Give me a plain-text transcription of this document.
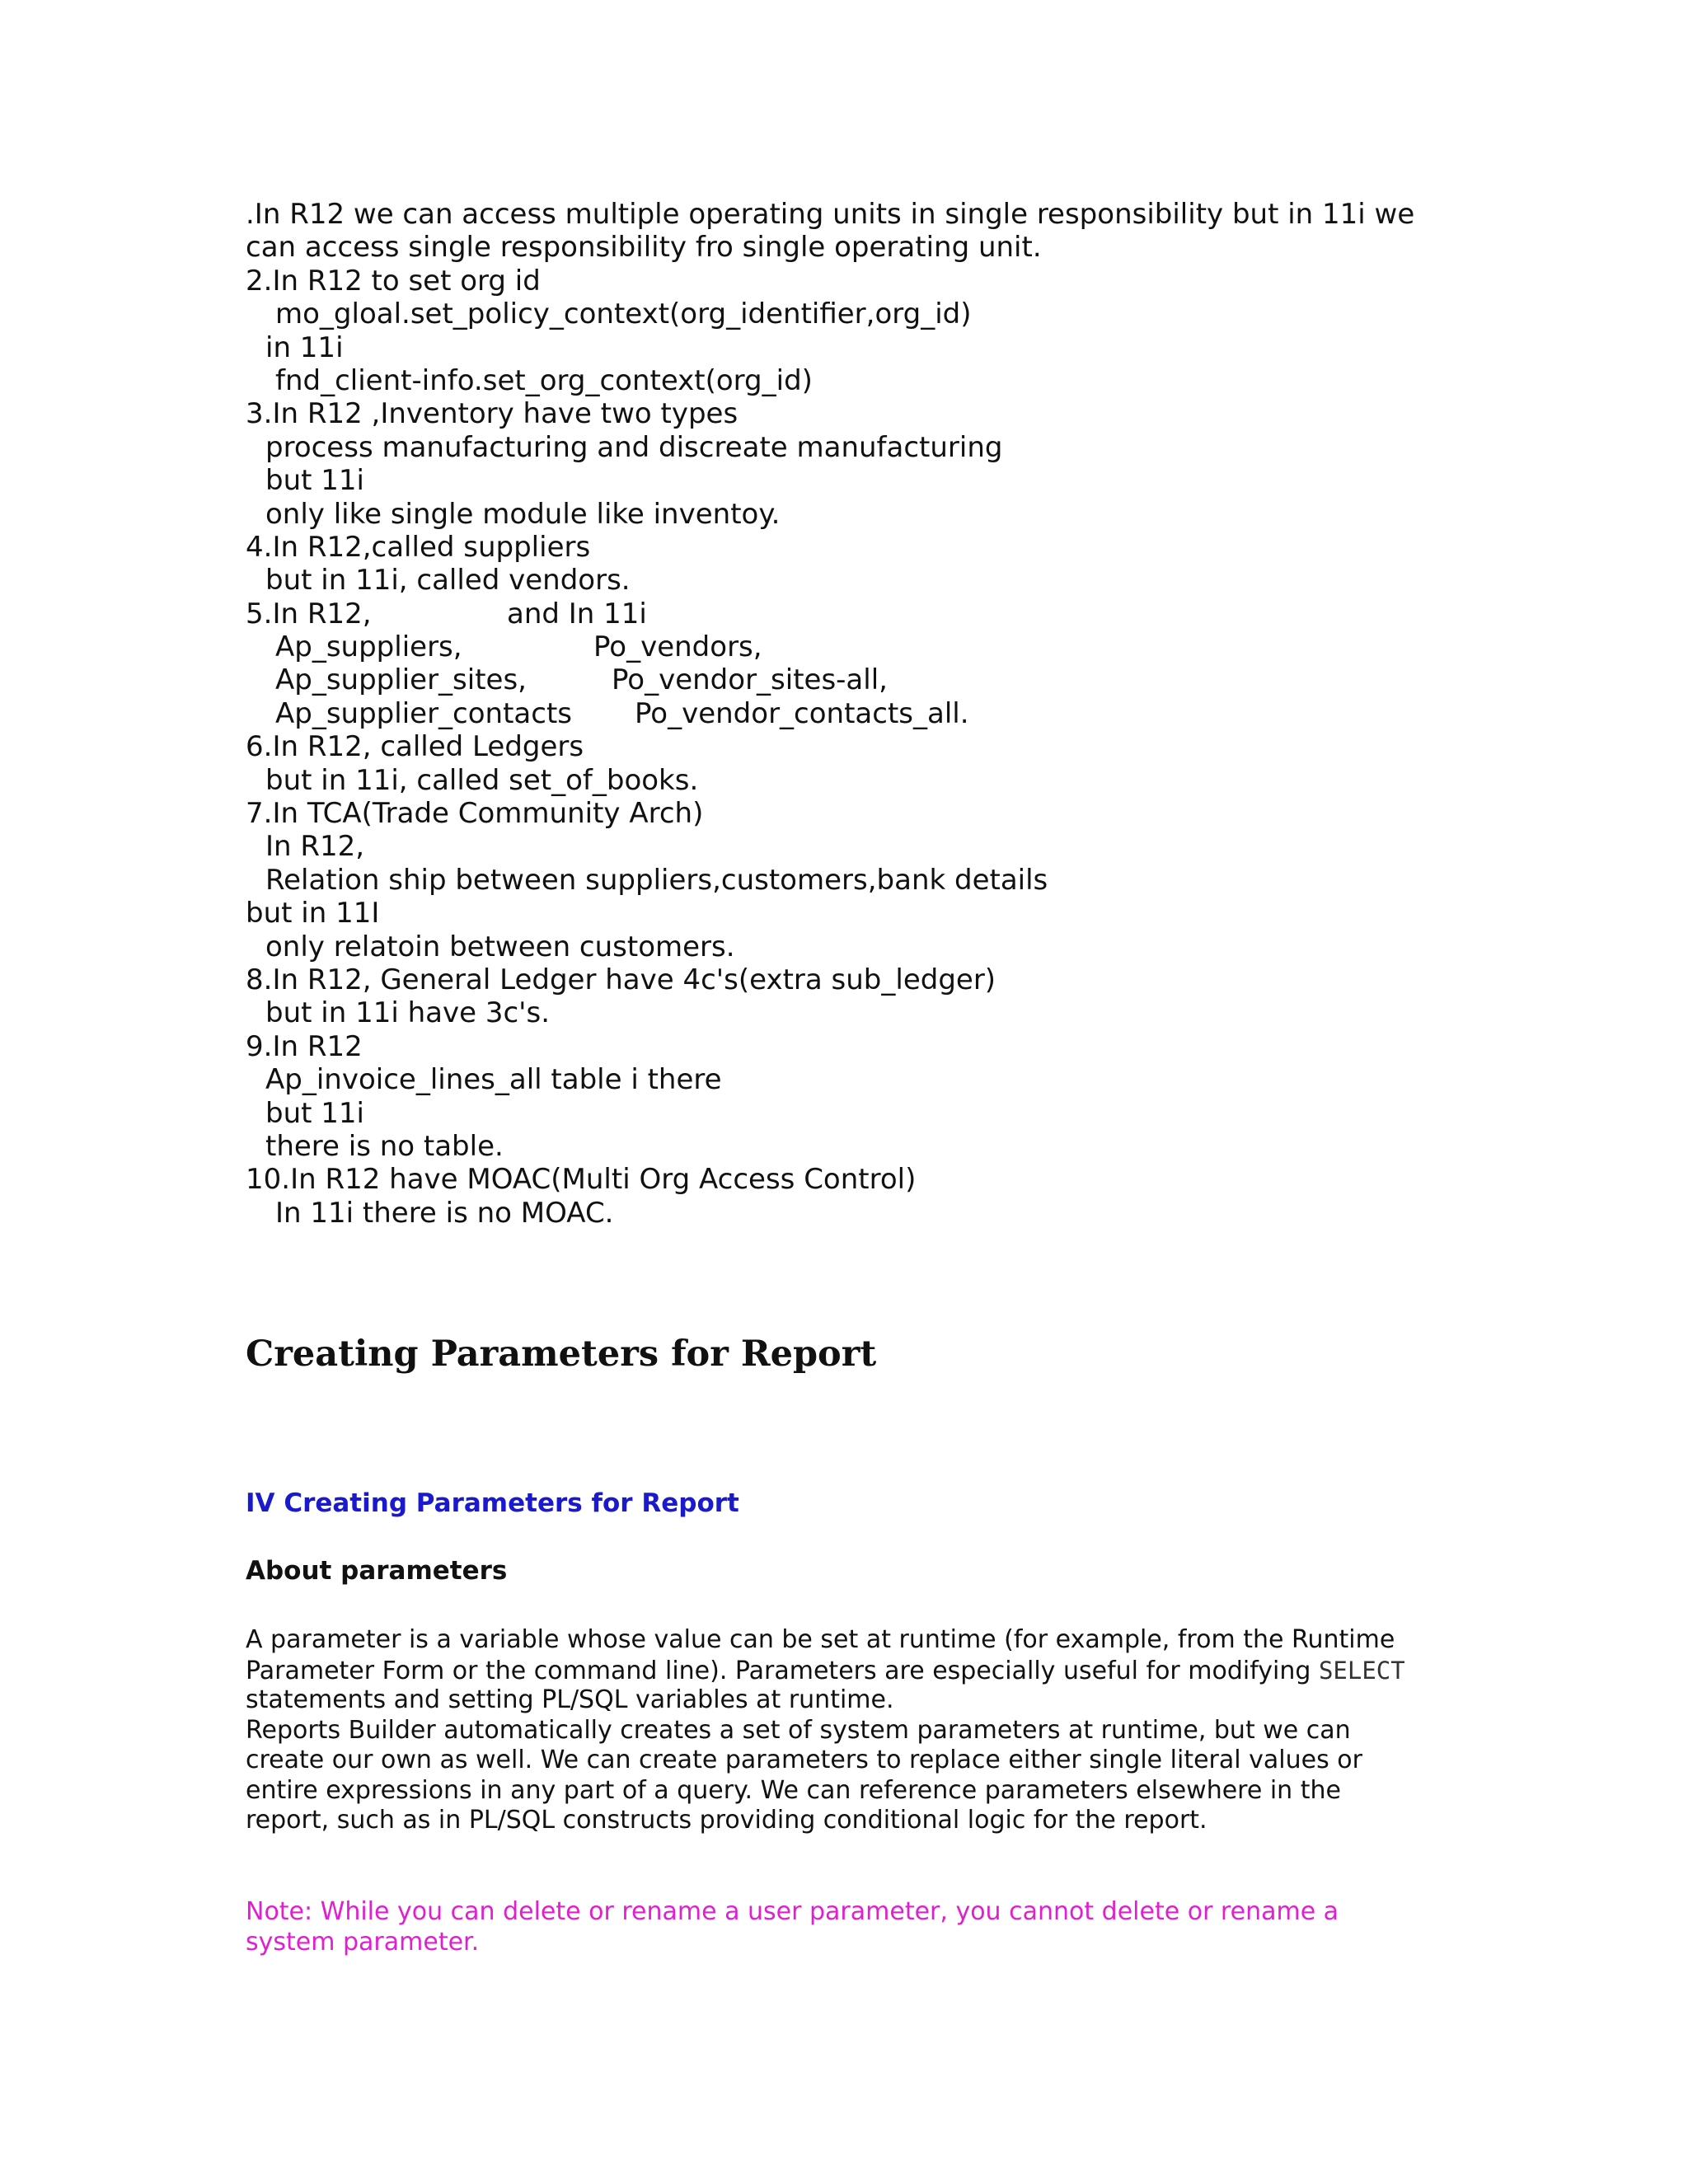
.In R12 we can access multiple operating units in single responsibility but in 11i we
can access single responsibility fro single operating unit.
2.In R12 to set org id
mo_gloal.set_policy_context(org_identifier,org_id)
in 11i
fnd_client-info.set_org_context(org_id)
3.In R12 ,Inventory have two types
process manufacturing and discreate manufacturing
but 11i
only like single module like inventoy.
4.In R12,called suppliers
but in 11i, called vendors.
5.In R12,	and In 11i
Ap_suppliers,	Po_vendors,
Ap_supplier_sites,	Po_vendor_sites-all,
Ap_supplier_contacts Po_vendor_contacts_all.
6.In R12, called Ledgers
but in 11i, called set_of_books.
7.In TCA(Trade Community Arch)
In R12,
Relation ship between suppliers,customers,bank details
but in 11I
only relatoin between customers.
8.In R12, General Ledger have 4c's(extra sub_ledger)
but in 11i have 3c's.
9.In R12
Ap_invoice_lines_all table i there
but 11i
there is no table.
10.In R12 have MOAC(Multi Org Access Control)
In 11i there is no MOAC.
Creating Parameters for Report
IV Creating Parameters for Report
About parameters
A parameter is a variable whose value can be set at runtime (for example, from the Runtime
Parameter Form or the command line). Parameters are especially useful for modifying SELECT
statements and setting PL/SQL variables at runtime.
Reports Builder automatically creates a set of system parameters at runtime, but we can
create our own as well. We can create parameters to replace either single literal values or
entire expressions in any part of a query. We can reference parameters elsewhere in the
report, such as in PL/SQL constructs providing conditional logic for the report.
Note: While you can delete or rename a user parameter, you cannot delete or rename a
system parameter.
